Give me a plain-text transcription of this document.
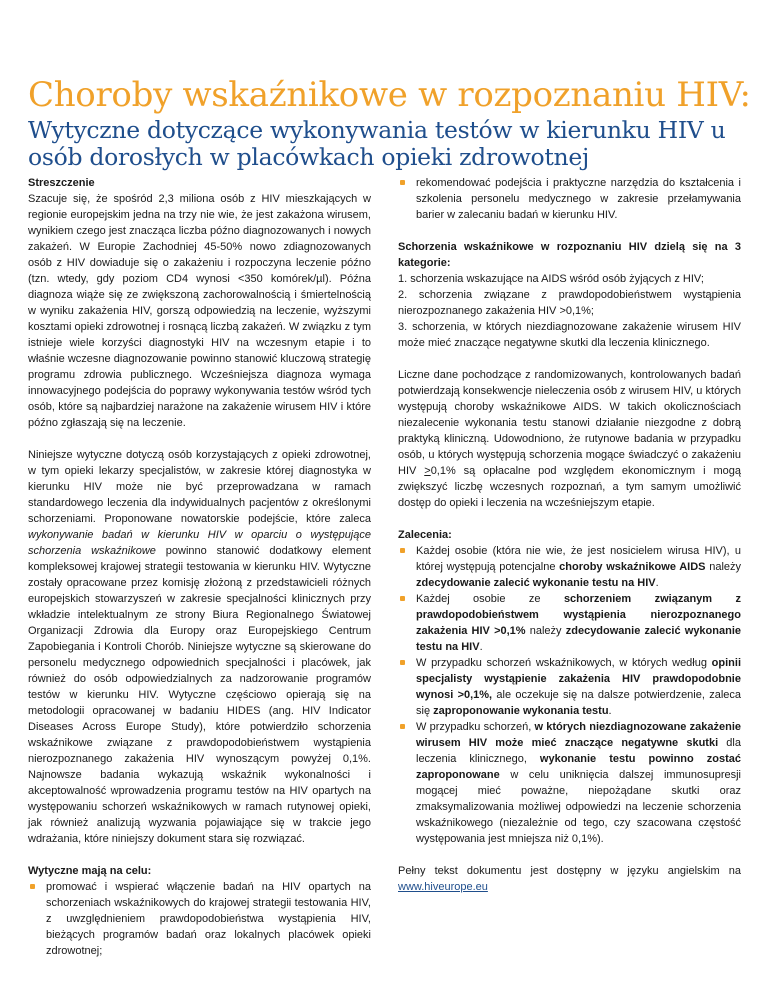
Choroby wskaźnikowe w rozpoznaniu HIV:
Wytyczne dotyczące wykonywania testów w kierunku HIV u osób dorosłych w placówkach opieki zdrowotnej
Streszczenie

Szacuje się, że spośród 2,3 miliona osób z HIV mieszkających w regionie europejskim jedna na trzy nie wie, że jest zakażona wirusem, wynikiem czego jest znacząca liczba późno diagnozowanych i nowych zakażeń. W Europie Zachodniej 45-50% nowo zdiagnozowanych osób z HIV dowiaduje się o zakażeniu i rozpoczyna leczenie późno (tzn. wtedy, gdy poziom CD4 wynosi <350 komórek/µl). Późna diagnoza wiąże się ze zwiększoną zachorowalnością i śmiertelnością w wyniku zakażenia HIV, gorszą odpowiedzią na leczenie, wyższymi kosztami opieki zdrowotnej i rosnącą liczbą zakażeń. W związku z tym istnieje wiele korzyści diagnostyki HIV na wczesnym etapie i to właśnie wczesne diagnozowanie powinno stanowić kluczową strategię programu zdrowia publicznego. Wcześniejsza diagnoza wymaga innowacyjnego podejścia do poprawy wykonywania testów wśród tych osób, które są najbardziej narażone na zakażenie wirusem HIV i które późno zgłaszają się na leczenie.

Niniejsze wytyczne dotyczą osób korzystających z opieki zdrowotnej, w tym opieki lekarzy specjalistów, w zakresie której diagnostyka w kierunku HIV może nie być przeprowadzana w ramach standardowego leczenia dla indywidualnych pacjentów z określonymi schorzeniami. Proponowane nowatorskie podejście, które zaleca wykonywanie badań w kierunku HIV w oparciu o występujące schorzenia wskaźnikowe powinno stanowić dodatkowy element kompleksowej krajowej strategii testowania w kierunku HIV. Wytyczne zostały opracowane przez komisję złożoną z przedstawicieli różnych europejskich stowarzyszeń w zakresie specjalności klinicznych przy wkładzie intelektualnym ze strony Biura Regionalnego Światowej Organizacji Zdrowia dla Europy oraz Europejskiego Centrum Zapobiegania i Kontroli Chorób. Niniejsze wytyczne są skierowane do personelu medycznego odpowiednich specjalności i placówek, jak również do osób odpowiedzialnych za nadzorowanie programów testów w kierunku HIV. Wytyczne częściowo opierają się na metodologii opracowanej w badaniu HIDES (ang. HIV Indicator Diseases Across Europe Study), które potwierdziło schorzenia wskaźnikowe związane z prawdopodobieństwem wystąpienia nierozpoznanego zakażenia HIV wynoszącym powyżej 0,1%. Najnowsze badania wykazują wskaźnik wykonalności i akceptowalność wprowadzenia programu testów na HIV opartych na występowaniu schorzeń wskaźnikowych w ramach rutynowej opieki, jak również analizują wyzwania pojawiające się w trakcie jego wdrażania, które niniejszy dokument stara się rozwiązać.

Wytyczne mają na celu:
promować i wspierać włączenie badań na HIV opartych na schorzeniach wskaźnikowych do krajowej strategii testowania HIV, z uwzględnieniem prawdopodobieństwa wystąpienia HIV, bieżących programów badań oraz lokalnych placówek opieki zdrowotnej;
rekomendować podejścia i praktyczne narzędzia do kształcenia i szkolenia personelu medycznego w zakresie przełamywania barier w zalecaniu badań w kierunku HIV.
Schorzenia wskaźnikowe w rozpoznaniu HIV dzielą się na 3 kategorie:

1. schorzenia wskazujące na AIDS wśród osób żyjących z HIV;

2. schorzenia związane z prawdopodobieństwem wystąpienia nierozpoznanego zakażenia HIV >0,1%;

3. schorzenia, w których niezdiagnozowane zakażenie wirusem HIV może mieć znaczące negatywne skutki dla leczenia klinicznego.

Liczne dane pochodzące z randomizowanych, kontrolowanych badań potwierdzają konsekwencje nieleczenia osób z wirusem HIV, u których występują choroby wskaźnikowe AIDS. W takich okolicznościach niezalecenie wykonania testu stanowi działanie niezgodne z dobrą praktyką kliniczną. Udowodniono, że rutynowe badania w przypadku osób, u których występują schorzenia mogące świadczyć o zakażeniu HIV >0,1% są opłacalne pod względem ekonomicznym i mogą zwiększyć liczbę wczesnych rozpoznań, a tym samym umożliwić dostęp do opieki i leczenia na wcześniejszym etapie.

Zalecenia:
Każdej osobie (która nie wie, że jest nosicielem wirusa HIV), u której występują potencjalne choroby wskaźnikowe AIDS należy zdecydowanie zalecić wykonanie testu na HIV.
Każdej osobie ze schorzeniem związanym z prawdopodobieństwem wystąpienia nierozpoznanego zakażenia HIV >0,1% należy zdecydowanie zalecić wykonanie testu na HIV.
W przypadku schorzeń wskaźnikowych, w których według opinii specjalisty wystąpienie zakażenia HIV prawdopodobnie wynosi >0,1%, ale oczekuje się na dalsze potwierdzenie, zaleca się zaproponowanie wykonania testu.
W przypadku schorzeń, w których niezdiagnozowane zakażenie wirusem HIV może mieć znaczące negatywne skutki dla leczenia klinicznego, wykonanie testu powinno zostać zaproponowane w celu uniknięcia dalszej immunosupresji mogącej mieć poważne, niepożądane skutki oraz zmaksymalizowania możliwej odpowiedzi na leczenie schorzenia wskaźnikowego (niezależnie od tego, czy szacowana częstość występowania jest mniejsza niż 0,1%).

Pełny tekst dokumentu jest dostępny w języku angielskim na www.hiveurope.eu
